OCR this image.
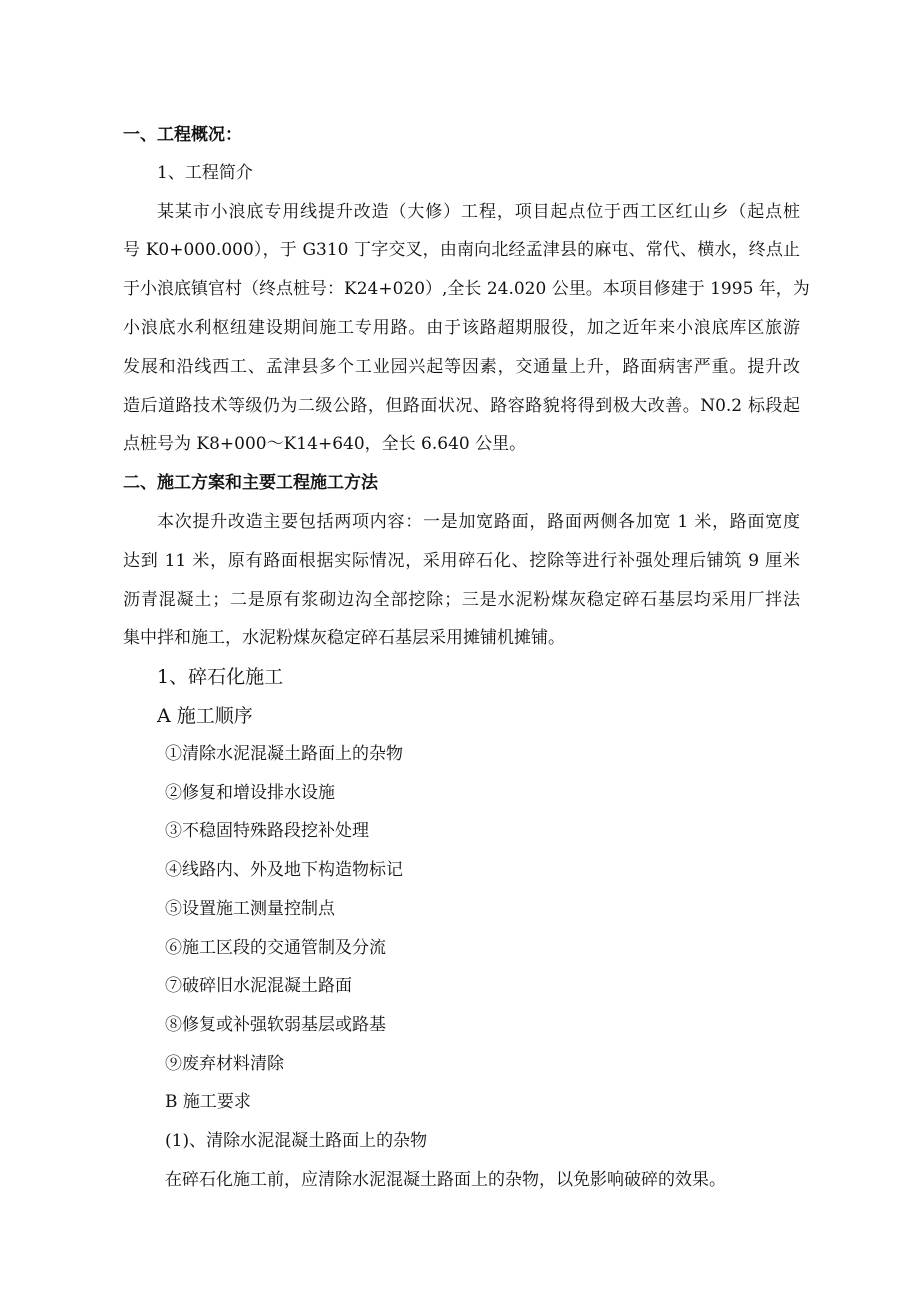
一、工程概况：
1、工程简介
某某市小浪底专用线提升改造（大修）工程，项目起点位于西工区红山乡（起点桩
号 K0+000.000），于 G310 丁字交叉，由南向北经孟津县的麻屯、常代、横水，终点止
于小浪底镇官村（终点桩号：K24+020）,全长 24.020 公里。本项目修建于 1995 年，为
小浪底水利枢纽建设期间施工专用路。由于该路超期服役，加之近年来小浪底库区旅游
发展和沿线西工、孟津县多个工业园兴起等因素，交通量上升，路面病害严重。提升改
造后道路技术等级仍为二级公路，但路面状况、路容路貌将得到极大改善。N0.2 标段起
点桩号为 K8+000～K14+640，全长 6.640 公里。
二、施工方案和主要工程施工方法
本次提升改造主要包括两项内容：一是加宽路面，路面两侧各加宽 1 米，路面宽度
达到 11 米，原有路面根据实际情况，采用碎石化、挖除等进行补强处理后铺筑 9 厘米
沥青混凝土；二是原有浆砌边沟全部挖除；三是水泥粉煤灰稳定碎石基层均采用厂拌法
集中拌和施工，水泥粉煤灰稳定碎石基层采用摊铺机摊铺。
1、碎石化施工
A 施工顺序
①清除水泥混凝土路面上的杂物
②修复和增设排水设施
③不稳固特殊路段挖补处理
④线路内、外及地下构造物标记
⑤设置施工测量控制点
⑥施工区段的交通管制及分流
⑦破碎旧水泥混凝土路面
⑧修复或补强软弱基层或路基
⑨废弃材料清除
B 施工要求
(1)、清除水泥混凝土路面上的杂物
在碎石化施工前，应清除水泥混凝土路面上的杂物，以免影响破碎的效果。
